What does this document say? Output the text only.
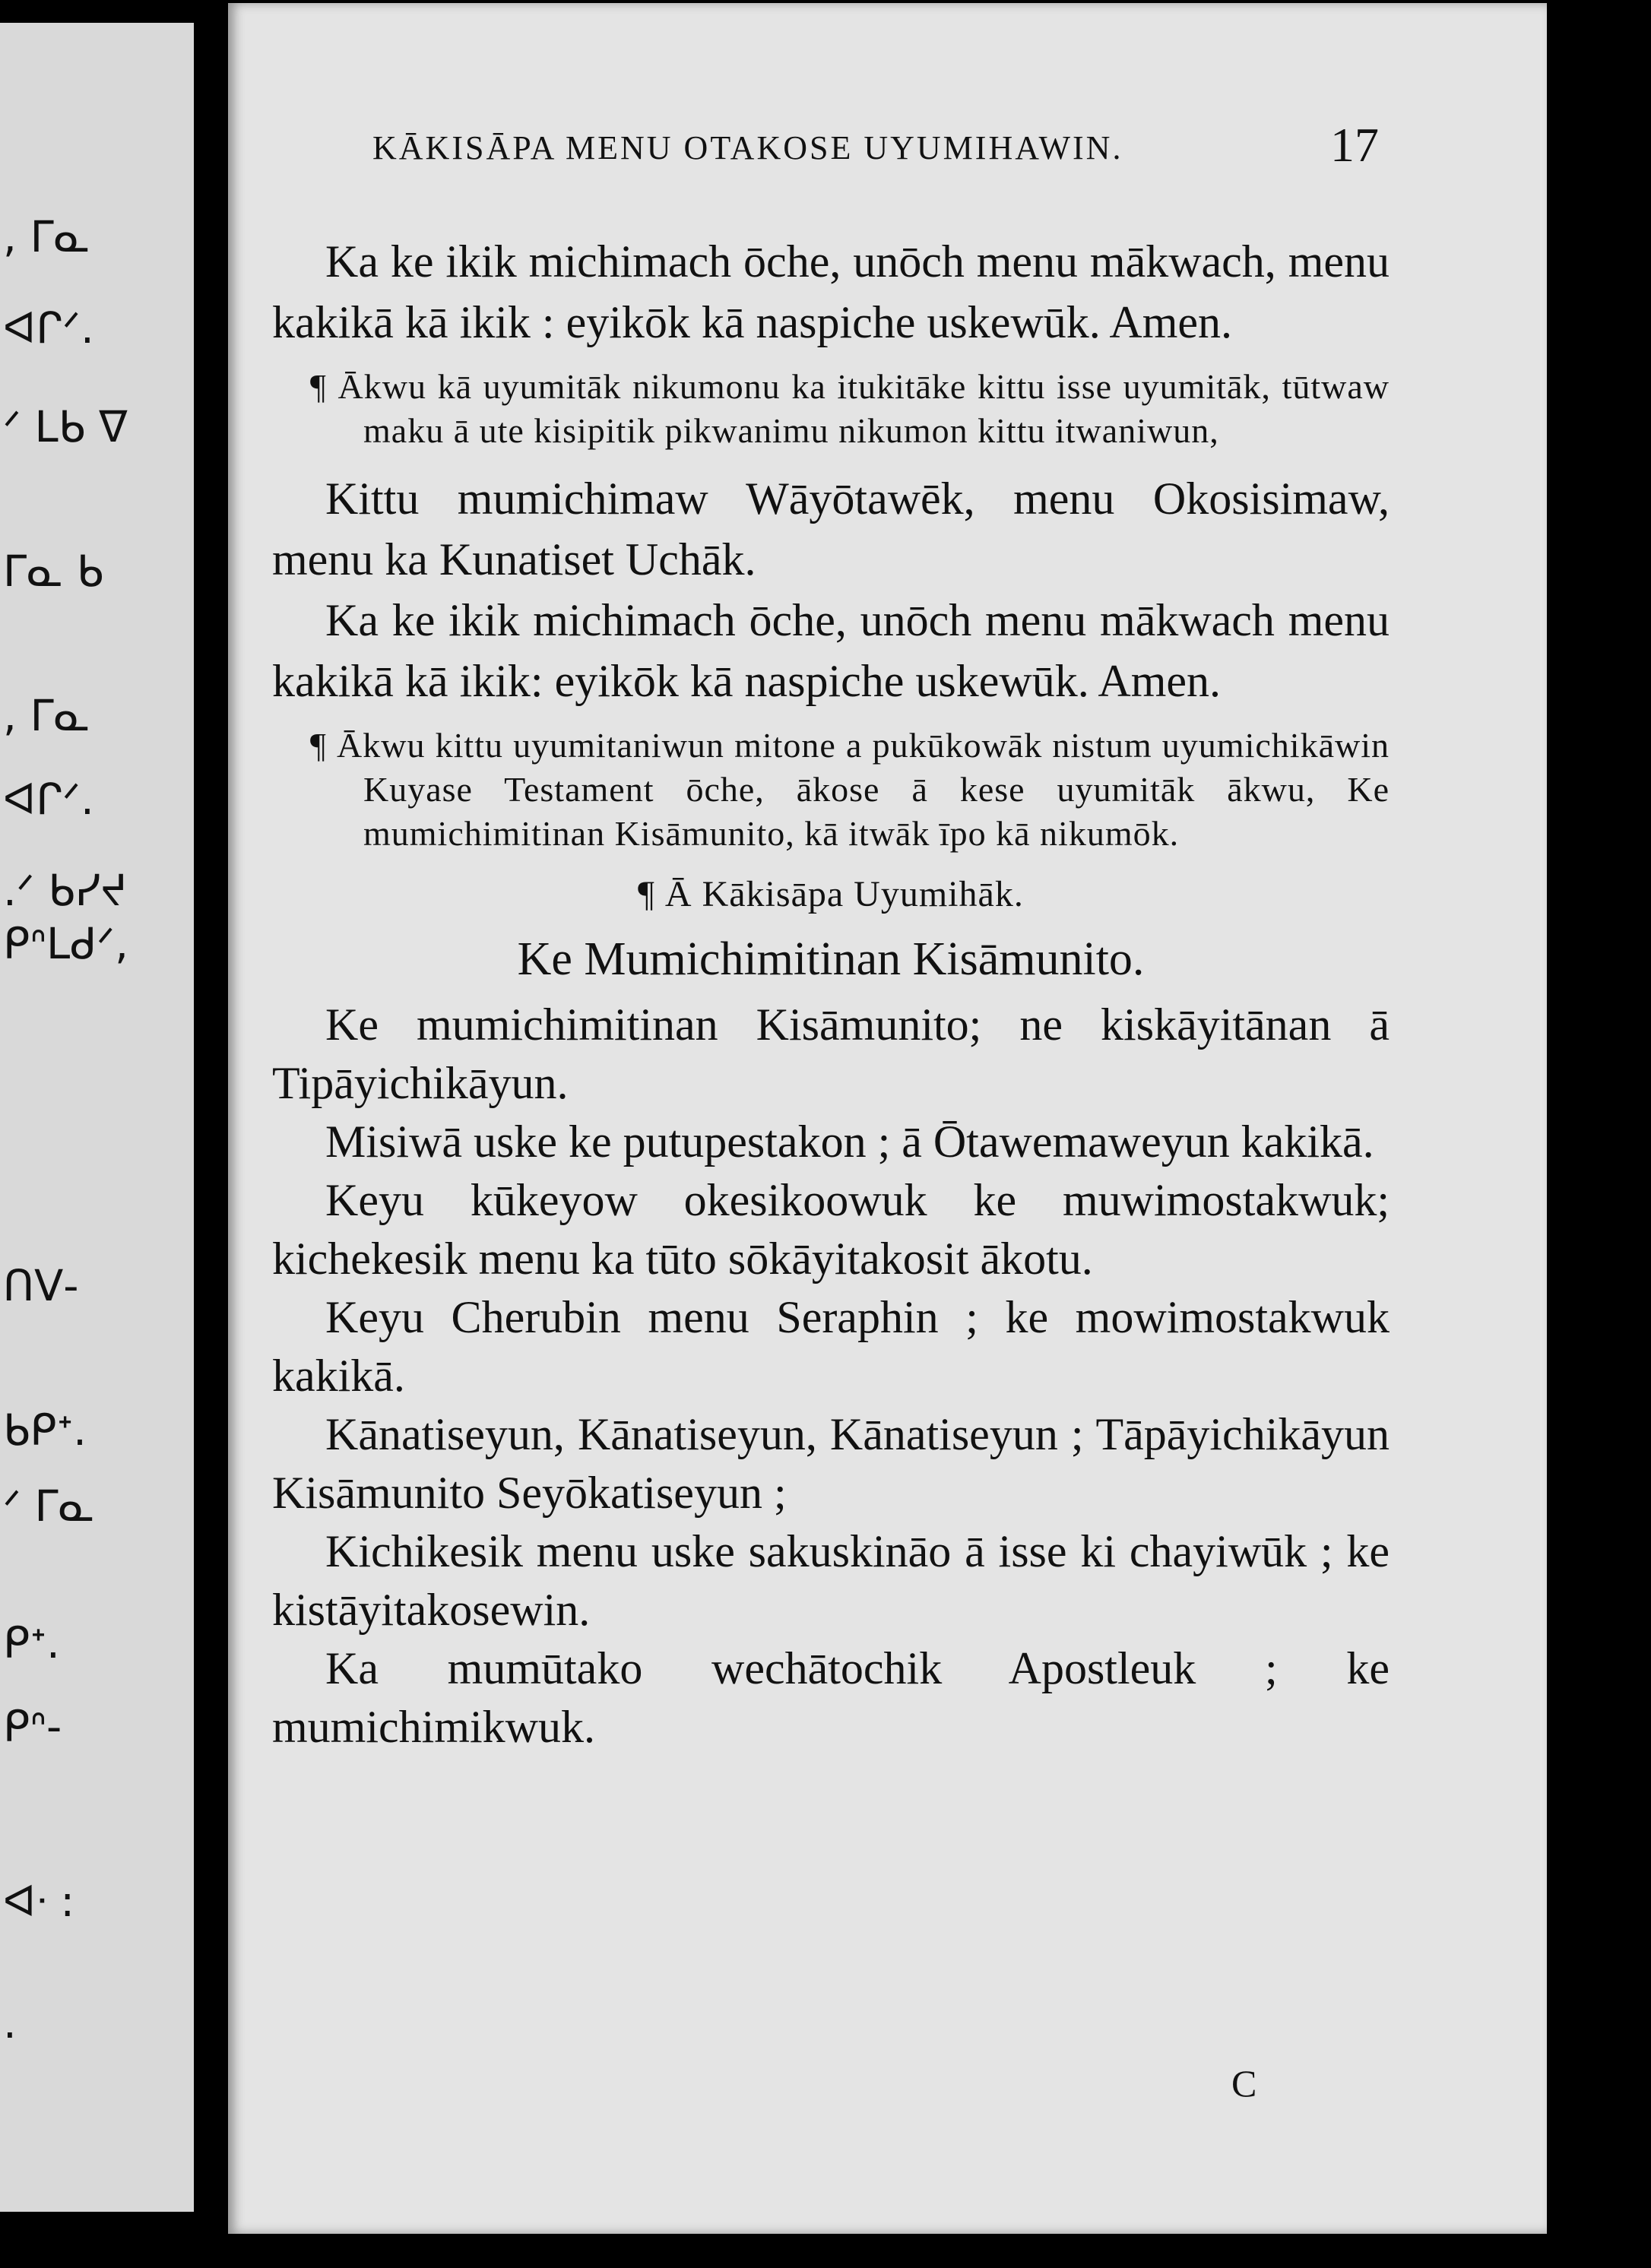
, ᒥᓇ
ᐊᒋᐟ.
ᐟ ᒪᑲ ᐁ
ᒥᓇ ᑲ
, ᒥᓇ
ᐊᒋᐟ.
.ᐟ ᑲᓯᔪ
ᑭᐢᒪᑯᐟ,
ᑎᐯ-
ᑲᑭᕀ.
ᐟ ᒥᓇ
ᑭᕀ.
ᑭᐢ-
ᐊᐧ :
.
KĀKISĀPA MENU OTAKOSE UYUMIHAWIN.	17

Ka ke ikik michimach ōche, unōch menu mākwach, menu kakikā kā ikik : eyikōk kā naspiche uskewūk. Amen.

¶ Ākwu kā uyumitāk nikumonu ka itukitāke kittu isse uyumitāk, tūtwaw maku ā ute kisipitik pikwanimu nikumon kittu itwaniwun,

Kittu mumichimaw Wāyōtawēk, menu Okosisimaw, menu ka Kunatiset Uchāk.

Ka ke ikik michimach ōche, unōch menu mākwach menu kakikā kā ikik: eyikōk kā naspiche uskewūk. Amen.

¶ Ākwu kittu uyumitaniwun mitone a pukūkowāk nistum uyumichikāwin Kuyase Testament ōche, ākose ā kese uyumitāk ākwu, Ke mumichimitinan Kisāmunito, kā itwāk īpo kā nikumōk.

¶ Ā Kākisāpa Uyumihāk.

Ke Mumichimitinan Kisāmunito.

Ke mumichimitinan Kisāmunito; ne kiskāyitānan ā Tipāyichikāyun.

Misiwā uske ke putupestakon ; ā Ōtawemaweyun kakikā.

Keyu kūkeyow okesikoowuk ke muwimostakwuk; kichekesik menu ka tūto sōkāyitakosit ākotu.

Keyu Cherubin menu Seraphin ; ke mowimostakwuk kakikā.

Kānatiseyun, Kānatiseyun, Kānatiseyun ; Tāpāyichikāyun Kisāmunito Seyōkatiseyun ;

Kichikesik menu uske sakuskināo ā isse ki chayiwūk ; ke kistāyitakosewin.

Ka mumūtako wechātochik Apostleuk ; ke mumichimikwuk.

C
